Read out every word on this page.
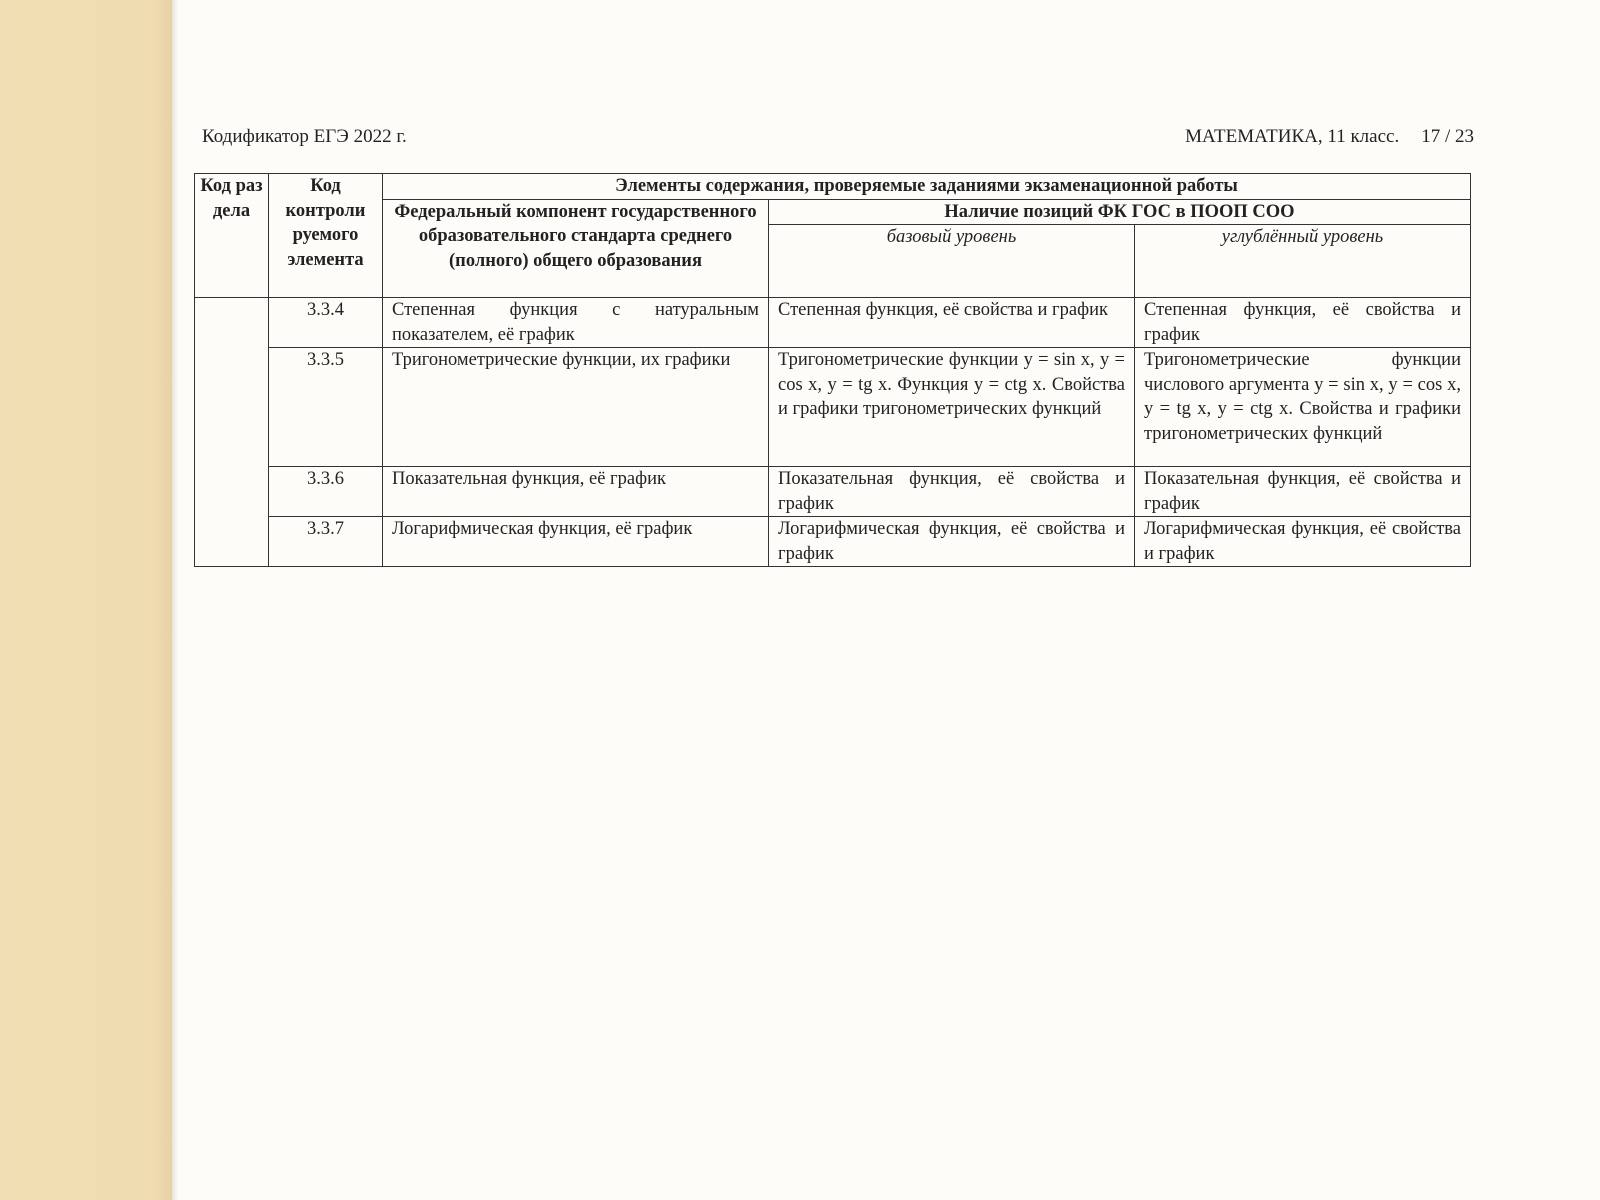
Кодификатор ЕГЭ 2022 г.	МАТЕМАТИКА, 11 класс. 17 / 23
Код раз дела	Код контроли руемого элемента	Элементы содержания, проверяемые заданиями экзаменационной работы		
		Федеральный компонент государственного образовательного стандарта среднего (полного) общего образования	Наличие позиций ФК ГОС в ПООП СОО	
			базовый уровень	углублённый уровень
	3.3.4	Степенная функция с натуральным показателем, её график	Степенная функция, её свойства и график	Степенная функция, её свойства и график
	3.3.5	Тригонометрические функции, их графики	Тригонометрические функции y = sin x, y = cos x, y = tg x. Функция y = ctg x. Свойства и графики тригонометрических функций	Тригонометрические функции числового аргумента y = sin x, y = cos x, y = tg x, y = ctg x. Свойства и графики тригонометрических функций
	3.3.6	Показательная функция, её график	Показательная функция, её свойства и график	Показательная функция, её свойства и график
	3.3.7	Логарифмическая функция, её график	Логарифмическая функция, её свойства и график	Логарифмическая функция, её свойства и график
